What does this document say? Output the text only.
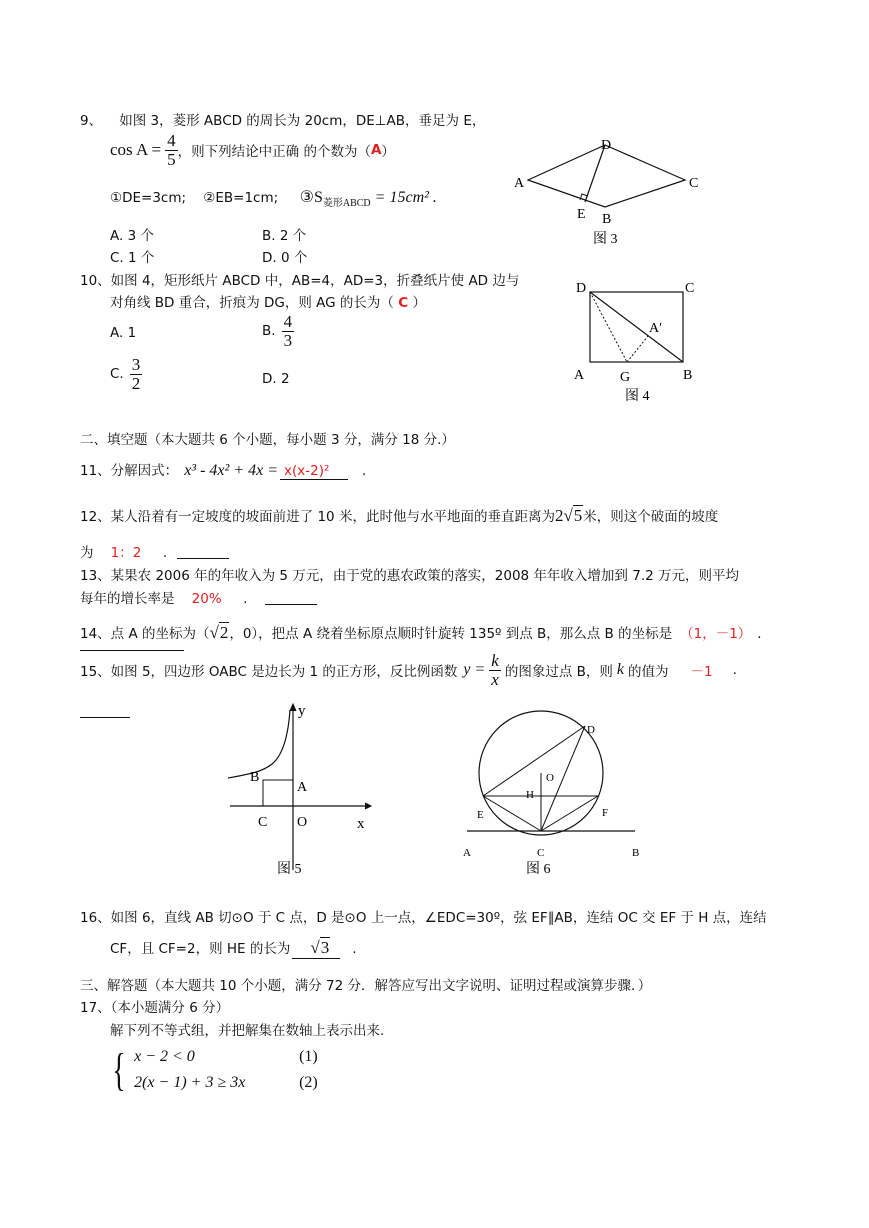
9、 如图 3，菱形 ABCD 的周长为 20cm，DE⊥AB，垂足为 E，
$\cos A = \frac{4}{5}$ ，则下列结论中正确 的个数为（ A ）
①DE=3cm; ②EB=1cm; $③S_{菱形ABCD} = 15cm^2$ .
A. 3 个	B. 2 个
C. 1 个	D. 0 个
A
D
C
E B
图 3
10、如图 4，矩形纸片 ABCD 中，AB=4，AD=3，折叠纸片使 AD 边与
对角线 BD 重合，折痕为 DG，则 AG 的长为（ C ）
A. 1	B. $\frac{4}{3}$
C. $\frac{3}{2}$	D. 2
D	C
A′
A	G	B
图 4
二、填空题（本大题共 6 个小题，每小题 3 分，满分 18 分.）
11、分解因式： x³ - 4x² + 4x = x(x-2)²	.
12、某人沿着有一定坡度的坡面前进了 10 米，此时他与水平地面的垂直距离为 2√5 米，则这个破面的坡度
为 1：2 .
13、某果农 2006 年的年收入为 5 万元，由于党的惠农政策的落实，2008 年年收入增加到 7.2 万元，则平均
每年的增长率是 20% .
14、点 A 的坐标为（ √2 ，0），把点 A 绕着坐标原点顺时针旋转 135º 到点 B，那么点 B 的坐标是 （1，－1） .
15、如图 5，四边形 OABC 是边长为 1 的正方形，反比例函数 $y = \frac{k}{x}$ 的图象过点 B，则 k 的值为 －1 .
y
x
B
A
C O
图 5
D
O
H
E	F
A	C	B
图 6
16、如图 6，直线 AB 切⊙O 于 C 点，D 是⊙O 上一点，∠EDC=30º，弦 EF∥AB，连结 OC 交 EF 于 H 点，连结
CF，且 CF=2，则 HE 的长为	√3	.
三、解答题（本大题共 10 个小题，满分 72 分．解答应写出文字说明、证明过程或演算步骤．）
17、（本小题满分 6 分）
解下列不等式组，并把解集在数轴上表示出来.
{ x − 2 < 0	(1)
2(x − 1) + 3 ≥ 3x	(2)
